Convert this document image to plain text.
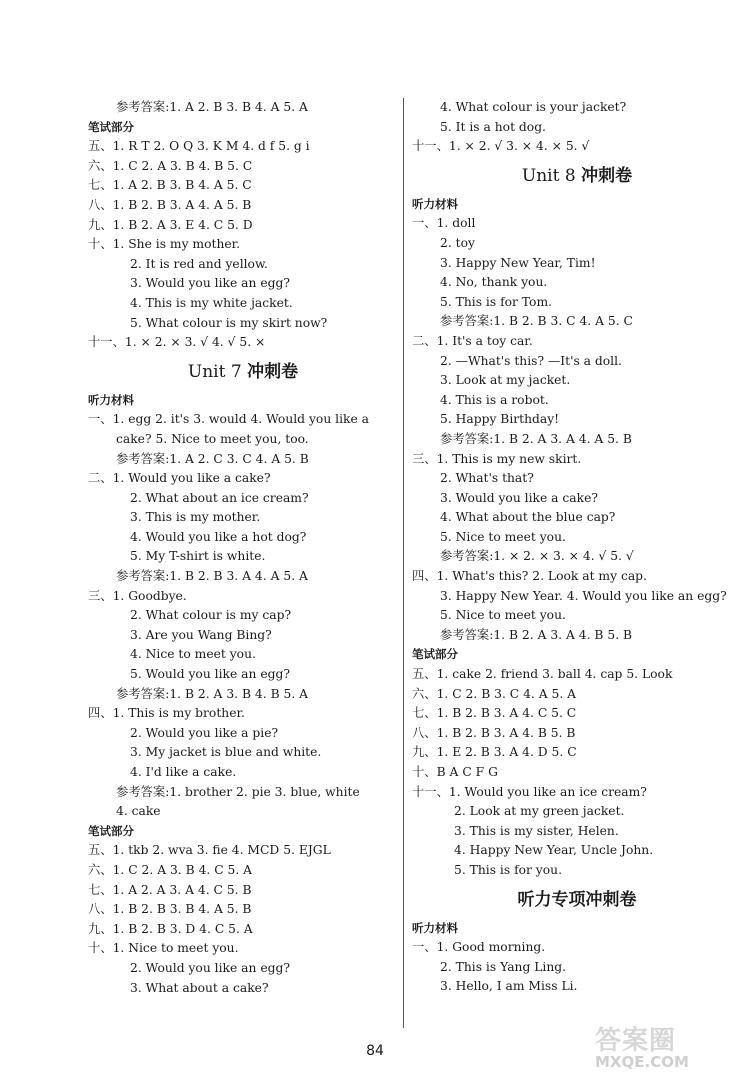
参考答案:1. A 2. B 3. B 4. A 5. A
笔试部分
五、1. R T 2. O Q 3. K M 4. d f 5. g i
六、1. C 2. A 3. B 4. B 5. C
七、1. A 2. B 3. B 4. A 5. C
八、1. B 2. B 3. A 4. A 5. B
九、1. B 2. A 3. E 4. C 5. D
十、1. She is my mother.
2. It is red and yellow.
3. Would you like an egg?
4. This is my white jacket.
5. What colour is my skirt now?
十一、1. × 2. × 3. √ 4. √ 5. ×
Unit 7 冲刺卷
听力材料
一、1. egg 2. it's 3. would 4. Would you like a
cake? 5. Nice to meet you, too.
参考答案:1. A 2. C 3. C 4. A 5. B
二、1. Would you like a cake?
2. What about an ice cream?
3. This is my mother.
4. Would you like a hot dog?
5. My T-shirt is white.
参考答案:1. B 2. B 3. A 4. A 5. A
三、1. Goodbye.
2. What colour is my cap?
3. Are you Wang Bing?
4. Nice to meet you.
5. Would you like an egg?
参考答案:1. B 2. A 3. B 4. B 5. A
四、1. This is my brother.
2. Would you like a pie?
3. My jacket is blue and white.
4. I'd like a cake.
参考答案:1. brother 2. pie 3. blue, white
4. cake
笔试部分
五、1. tkb 2. wva 3. fie 4. MCD 5. EJGL
六、1. C 2. A 3. B 4. C 5. A
七、1. A 2. A 3. A 4. C 5. B
八、1. B 2. B 3. B 4. A 5. B
九、1. B 2. B 3. D 4. C 5. A
十、1. Nice to meet you.
2. Would you like an egg?
3. What about a cake?
4. What colour is your jacket?
5. It is a hot dog.
十一、1. × 2. √ 3. × 4. × 5. √
Unit 8 冲刺卷
听力材料
一、1. doll
2. toy
3. Happy New Year, Tim!
4. No, thank you.
5. This is for Tom.
参考答案:1. B 2. B 3. C 4. A 5. C
二、1. It's a toy car.
2. —What's this? —It's a doll.
3. Look at my jacket.
4. This is a robot.
5. Happy Birthday!
参考答案:1. B 2. A 3. A 4. A 5. B
三、1. This is my new skirt.
2. What's that?
3. Would you like a cake?
4. What about the blue cap?
5. Nice to meet you.
参考答案:1. × 2. × 3. × 4. √ 5. √
四、1. What's this? 2. Look at my cap.
3. Happy New Year. 4. Would you like an egg?
5. Nice to meet you.
参考答案:1. B 2. A 3. A 4. B 5. B
笔试部分
五、1. cake 2. friend 3. ball 4. cap 5. Look
六、1. C 2. B 3. C 4. A 5. A
七、1. B 2. B 3. A 4. C 5. C
八、1. B 2. B 3. A 4. B 5. B
九、1. E 2. B 3. A 4. D 5. C
十、B A C F G
十一、1. Would you like an ice cream?
2. Look at my green jacket.
3. This is my sister, Helen.
4. Happy New Year, Uncle John.
5. This is for you.
听力专项冲刺卷
听力材料
一、1. Good morning.
2. This is Yang Ling.
3. Hello, I am Miss Li.
84	答案圈
MXQE.COM
